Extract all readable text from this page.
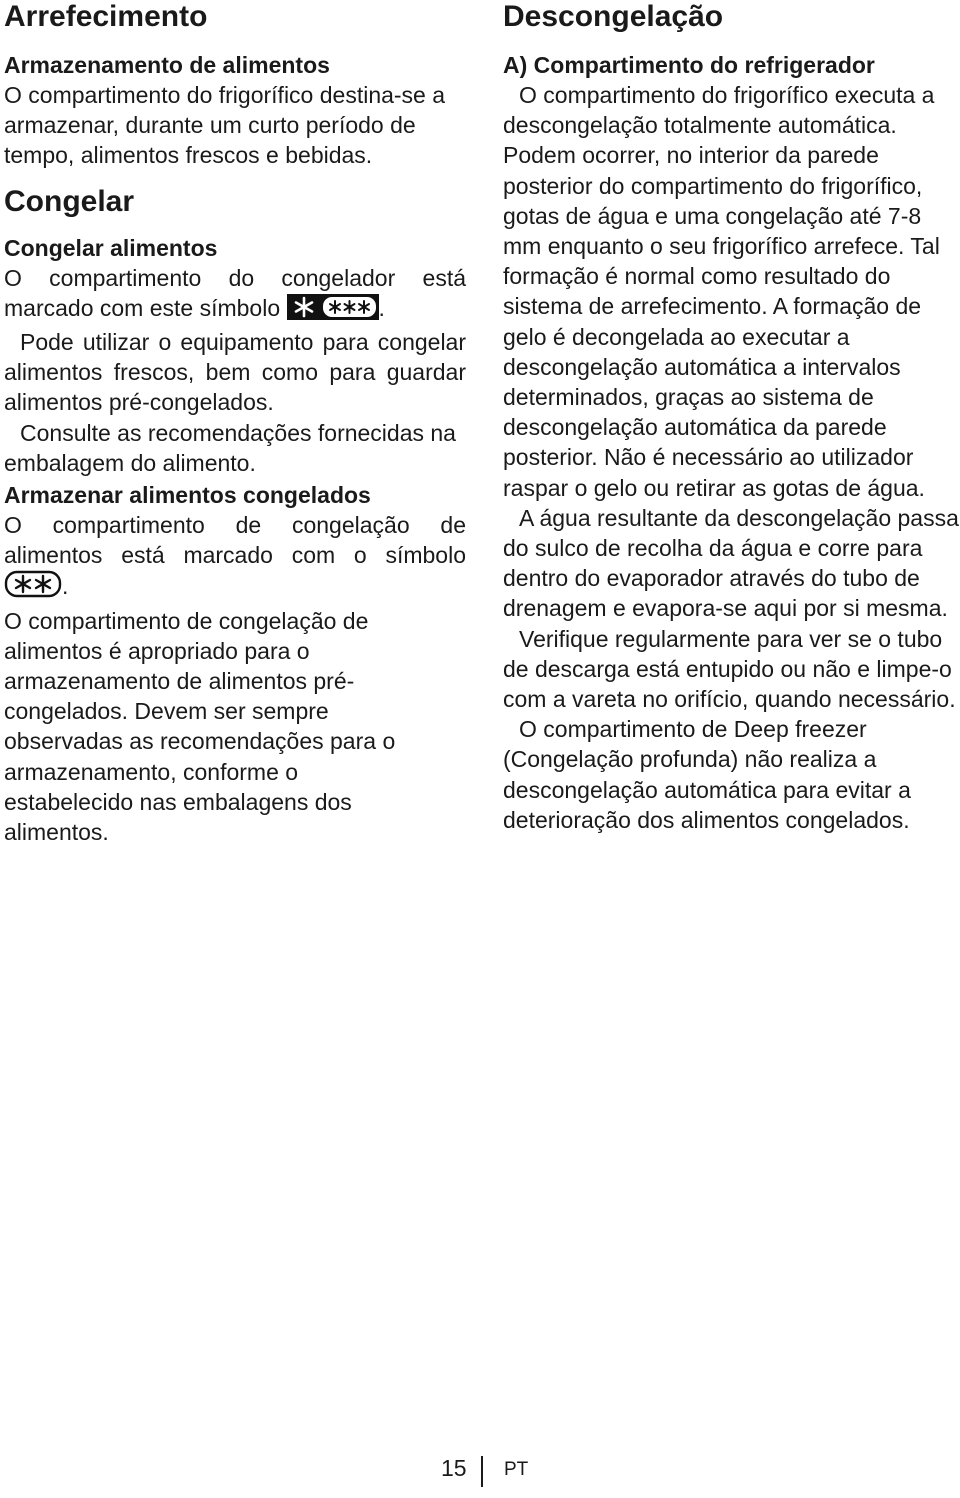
Arrefecimento
Armazenamento de alimentos

O compartimento do frigorífico destina-se a armazenar, durante um curto período de tempo, alimentos frescos e bebidas.

Congelar
Congelar alimentos

O compartimento do congelador está marcado com este símbolo	.

Pode utilizar o equipamento para congelar alimentos frescos, bem como para guardar alimentos pré-congelados.

Consulte as recomendações fornecidas na embalagem do alimento.

Armazenar alimentos congelados

O compartimento de congelação de alimentos está marcado com o símbolo .

O compartimento de congelação de alimentos é apropriado para o armazenamento de alimentos pré-congelados. Devem ser sempre observadas as recomendações para o armazenamento, conforme o estabelecido nas embalagens dos alimentos.

Descongelação
A) Compartimento do refrigerador

O compartimento do frigorífico executa a descongelação totalmente automática. Podem ocorrer, no interior da parede posterior do compartimento do frigorífico, gotas de água e uma congelação até 7-8 mm enquanto o seu frigorífico arrefece. Tal formação é normal como resultado do sistema de arrefecimento. A formação de gelo é decongelada ao executar a descongelação automática a intervalos determinados, graças ao sistema de descongelação automática da parede posterior. Não é necessário ao utilizador raspar o gelo ou retirar as gotas de água.

A água resultante da descongelação passa do sulco de recolha da água e corre para dentro do evaporador através do tubo de drenagem e evapora-se aqui por si mesma.

Verifique regularmente para ver se o tubo de descarga está entupido ou não e limpe-o com a vareta no orifício, quando necessário.

O compartimento de Deep freezer (Congelação profunda) não realiza a descongelação automática para evitar a deterioração dos alimentos congelados.

15 PT
